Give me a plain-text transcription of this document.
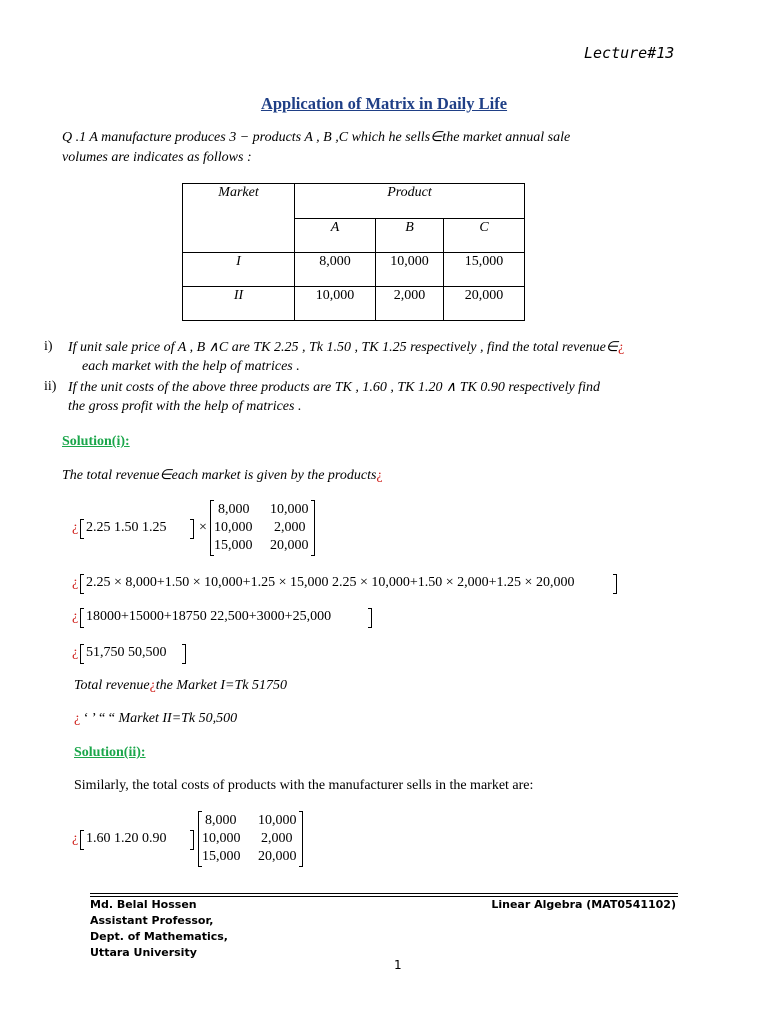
Lecture#13
Application of Matrix in Daily Life
Q .1 A manufacture produces 3 − products A , B ,C which he sells∈the market annual sale
volumes are indicates as follows :
Market	Product		
	A	B	C
I	8,000	10,000	15,000
II	10,000	2,000	20,000
i) If unit sale price of A , B ∧C are TK 2.25 , Tk 1.50 , TK 1.25 respectively , find the total revenue∈¿
each market with the help of matrices .
ii) If the unit costs of the above three products are TK , 1.60 , TK 1.20 ∧ TK 0.90 respectively find
the gross profit with the help of matrices .
Solution(i):
The total revenue∈each market is given by the products¿
¿ 2.25 1.50 1.25 ×
8,000 10,000
10,000 2,000
15,000 20,000
¿ 2.25 × 8,000+1.50 × 10,000+1.25 × 15,000 2.25 × 10,000+1.50 × 2,000+1.25 × 20,000
¿ 18000+15000+18750 22,500+3000+25,000
¿ 51,750 50,500
Total revenue¿the Market I=Tk 51750
¿ ‘ ’ “ “ Market II=Tk 50,500
Solution(ii):
Similarly, the total costs of products with the manufacturer sells in the market are:
¿ 1.60 1.20 0.90
8,000 10,000
10,000 2,000
15,000 20,000
Md. Belal Hossen
Assistant Professor,
Dept. of Mathematics,
Uttara University
Linear Algebra (MAT0541102)
1
